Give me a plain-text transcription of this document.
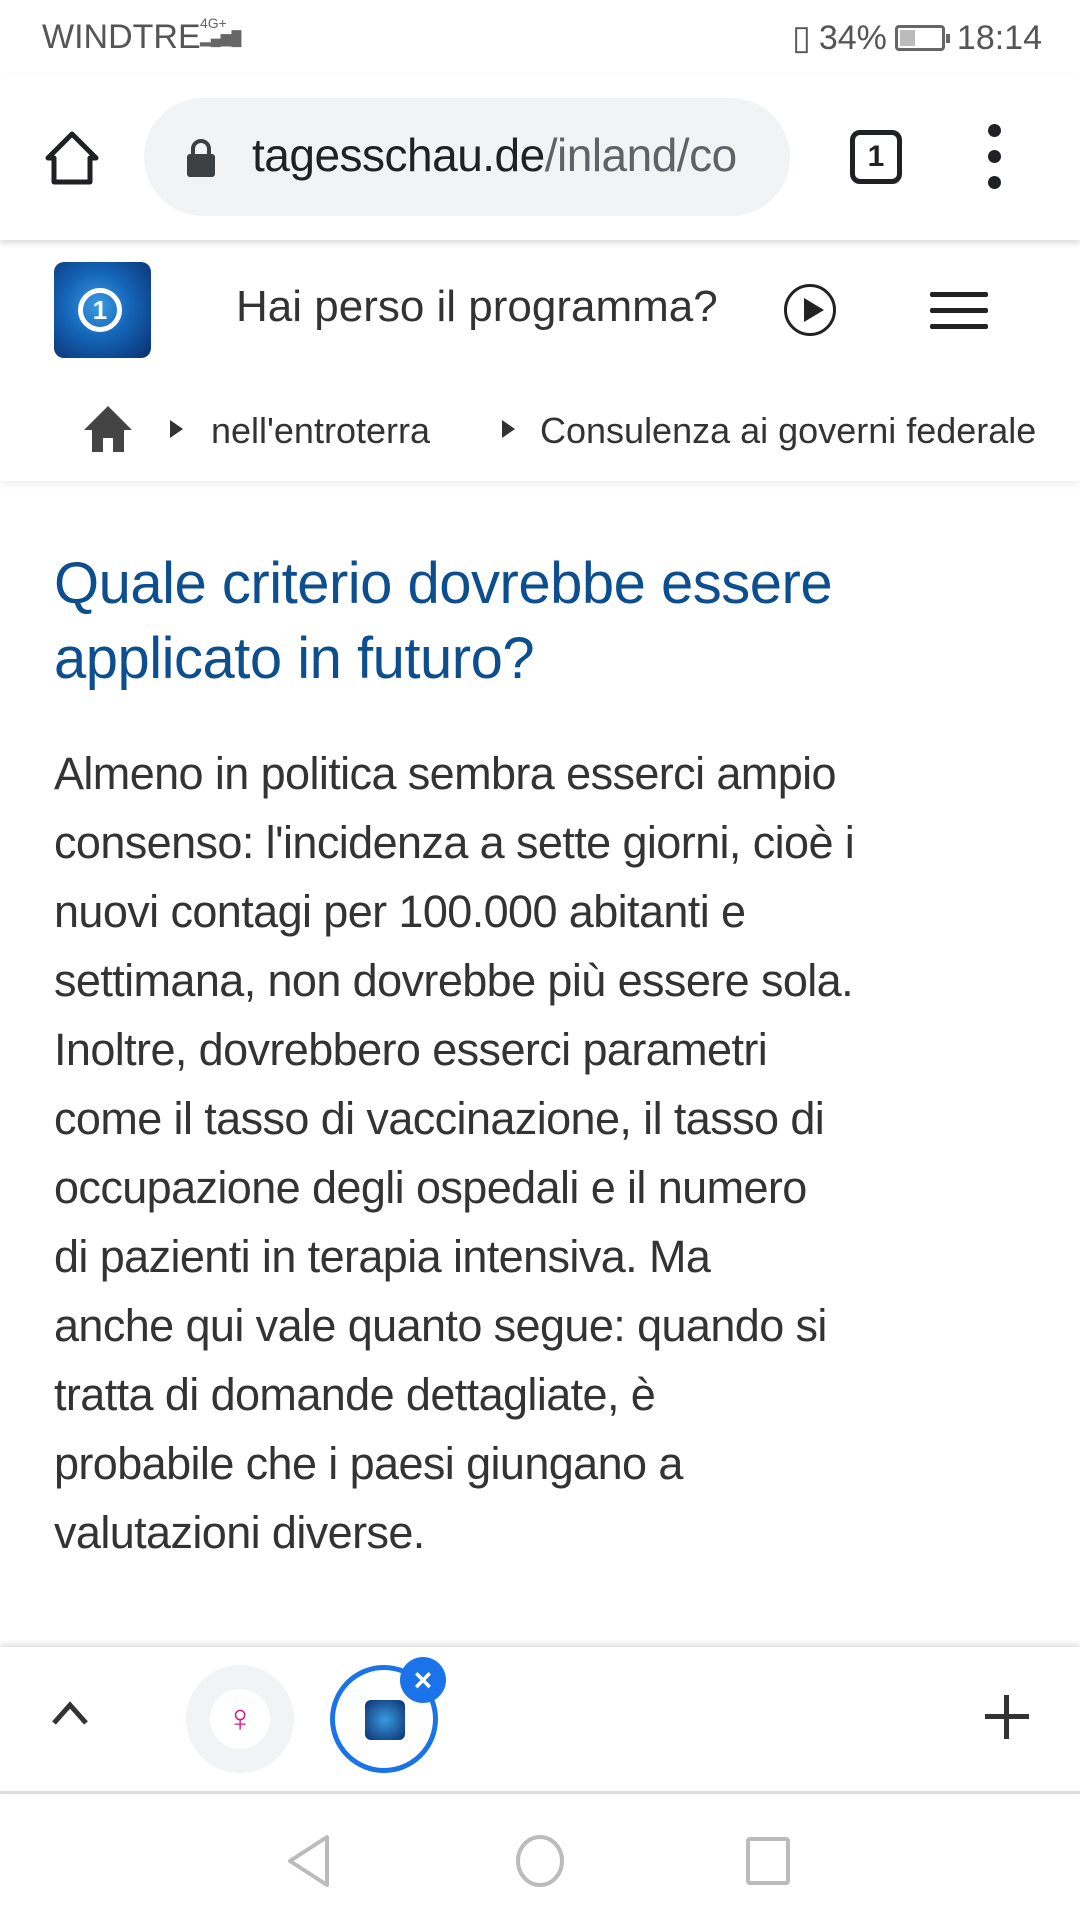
WINDTRE 4G+
▂▄▆█	▯ 34% 18:14
tagesschau.de/inland/co	1
1	Hai perso il programma?
nell'entroterra	Consulenza ai governi federale
Quale criterio dovrebbe essere
applicato in futuro?
Almeno in politica sembra esserci ampio
consenso: l'incidenza a sette giorni, cioè i
nuovi contagi per 100.000 abitanti e
settimana, non dovrebbe più essere sola.
Inoltre, dovrebbero esserci parametri
come il tasso di vaccinazione, il tasso di
occupazione degli ospedali e il numero
di pazienti in terapia intensiva. Ma
anche qui vale quanto segue: quando si
tratta di domande dettagliate, è
probabile che i paesi giungano a
valutazioni diverse.
♀
×
